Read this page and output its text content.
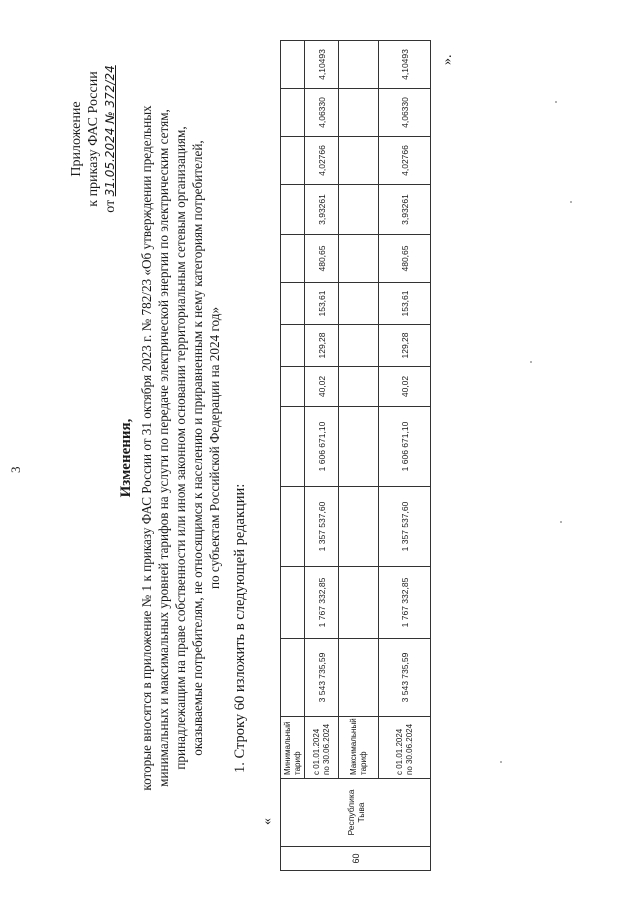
3
Приложение к приказу ФАС России от 31.05.2024 № 372/24
Изменения, которые вносятся в приложение № 1 к приказу ФАС России от 31 октября 2023 г. № 782/23 «Об утверждении предельных минимальных и максимальных уровней тарифов на услуги по передаче электрической энергии по электрическим сетям, принадлежащим на праве собственности или ином законном основании территориальным сетевым организациям, оказываемые потребителям, не относящимся к населению и приравненным к нему категориям потребителей, по субъектам Российской Федерации на 2024 год»
1. Строку 60 изложить в следующей редакции:
«
60	Республика Тыва	Минимальный тариф												
		с 01.01.2024 по 30.06.2024	3 543 735,59	1 767 332,85	1 357 537,60	1 606 671,10	40,02	129,28	153,61	480,65	3,93261	4,02766	4,06330	4,10493
		Максимальный тариф												
		с 01.01.2024 по 30.06.2024	3 543 735,59	1 767 332,85	1 357 537,60	1 606 671,10	40,02	129,28	153,61	480,65	3,93261	4,02766	4,06330	4,10493 ».
